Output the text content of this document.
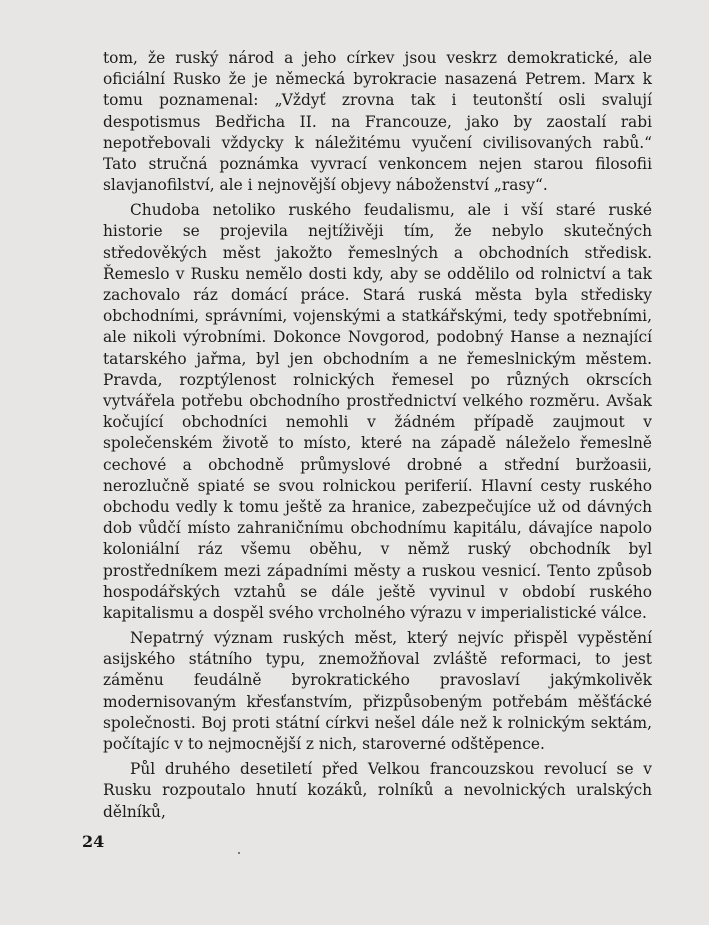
tom, že ruský národ a jeho církev jsou veskrz demokratické, ale oficiální Rusko že je německá byrokracie nasazená Petrem. Marx k tomu poznamenal: „Vždyť zrovna tak i teutonští osli svalují despotismus Bedřicha II. na Francouze, jako by zaostalí rabi nepotřebovali vždycky k náležitému vyučení civilisovaných rabů.“ Tato stručná poznámka vyvrací venkoncem nejen starou filosofii slavjanofilství, ale i nejnovější objevy náboženství „rasy“.

Chudoba netoliko ruského feudalismu, ale i vší staré ruské historie se projevila nejtíživěji tím, že nebylo skutečných středověkých měst jakožto řemeslných a obchodních středisk. Řemeslo v Rusku nemělo dosti kdy, aby se oddělilo od rolnictví a tak zachovalo ráz domácí práce. Stará ruská města byla středisky obchodními, správními, vojenskými a statkářskými, tedy spotřebními, ale nikoli výrobními. Dokonce Novgorod, podobný Hanse a neznající tatarského jařma, byl jen obchodním a ne řemeslnickým městem. Pravda, rozptýlenost rolnických řemesel po různých okrscích vytvářela potřebu obchodního prostřednictví velkého rozměru. Avšak kočující obchodníci nemohli v žádném případě zaujmout v společenském životě to místo, které na západě náleželo řemeslně cechové a obchodně průmyslové drobné a střední buržoasii, nerozlučně spiaté se svou rolnickou periferií. Hlavní cesty ruského obchodu vedly k tomu ještě za hranice, zabezpečujíce už od dávných dob vůdčí místo zahraničnímu obchodnímu kapitálu, dávajíce napolo koloniální ráz všemu oběhu, v němž ruský obchodník byl prostředníkem mezi západními městy a ruskou vesnicí. Tento způsob hospodářských vztahů se dále ještě vyvinul v období ruského kapitalismu a dospěl svého vrcholného výrazu v imperialistické válce.

Nepatrný význam ruských měst, který nejvíc přispěl vypěstění asijského státního typu, znemožňoval zvláště reformaci, to jest záměnu feudálně byrokratického pravoslaví jakýmkolivěk modernisovaným křesťanstvím, přizpůsobeným potřebám měšťácké společnosti. Boj proti státní církvi nešel dále než k rolnickým sektám, počítajíc v to nejmocnější z nich, staroverné odštěpence.

Půl druhého desetiletí před Velkou francouzskou revolucí se v Rusku rozpoutalo hnutí kozáků, rolníků a nevolnických uralských dělníků,

24
